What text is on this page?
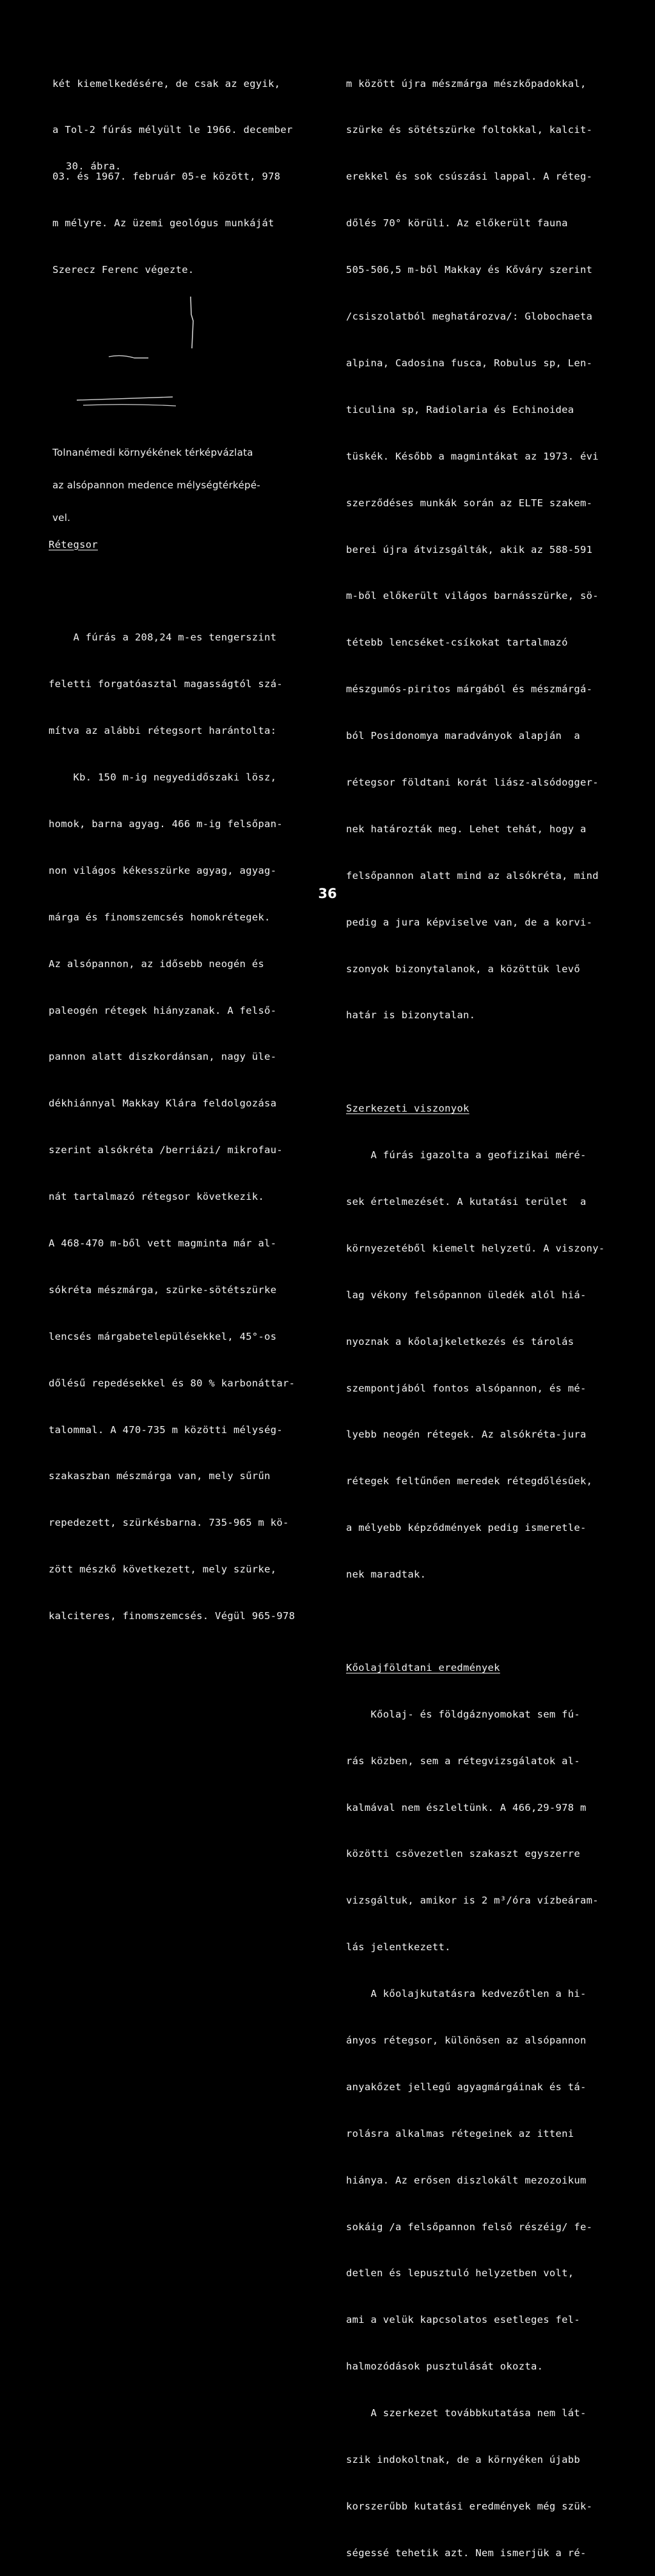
két kiemelkedésére, de csak az egyik,

a Tol-2 fúrás mélyült le 1966. december

03. és 1967. február 05-e között, 978

m mélyre. Az üzemi geológus munkáját

Szerecz Ferenc végezte.

30. ábra.

Tolnanémedi környékének térképvázlata

az alsópannon medence mélységtérképé-

vel.

Rétegsor

A fúrás a 208,24 m-es tengerszint

feletti forgatóasztal magasságtól szá-

mítva az alábbi rétegsort harántolta:

Kb. 150 m-ig negyedidőszaki lösz,

homok, barna agyag. 466 m-ig felsőpan-

non világos kékesszürke agyag, agyag-

márga és finomszemcsés homokrétegek.

Az alsópannon, az idősebb neogén és

paleogén rétegek hiányzanak. A felső-

pannon alatt diszkordánsan, nagy üle-

dékhiánnyal Makkay Klára feldolgozása

szerint alsókréta /berriázi/ mikrofau-

nát tartalmazó rétegsor következik.

A 468-470 m-ből vett magminta már al-

sókréta mészmárga, szürke-sötétszürke

lencsés márgabetelepülésekkel, 45°-os

dőlésű repedésekkel és 80 % karbonáttar-

talommal. A 470-735 m közötti mélység-

szakaszban mészmárga van, mely sűrűn

repedezett, szürkésbarna. 735-965 m kö-

zött mészkő következett, mely szürke,

kalciteres, finomszemcsés. Végül 965-978

m között újra mészmárga mészkőpadokkal,

szürke és sötétszürke foltokkal, kalcit-

erekkel és sok csúszási lappal. A réteg-

dőlés 70° körüli. Az előkerült fauna

505-506,5 m-ből Makkay és Kőváry szerint

/csiszolatból meghatározva/: Globochaeta

alpina, Cadosina fusca, Robulus sp, Len-

ticulina sp, Radiolaria és Echinoidea

tüskék. Később a magmintákat az 1973. évi

szerződéses munkák során az ELTE szakem-

berei újra átvizsgálták, akik az 588-591

m-ből előkerült világos barnásszürke, sö-

tétebb lencséket-csíkokat tartalmazó

mészgumós-piritos márgából és mészmárgá-

ból Posidonomya maradványok alapján  a

rétegsor földtani korát liász-alsódogger-

nek határozták meg. Lehet tehát, hogy a

felsőpannon alatt mind az alsókréta, mind

pedig a jura képviselve van, de a korvi-

szonyok bizonytalanok, a közöttük levő

határ is bizonytalan.

Szerkezeti viszonyok

A fúrás igazolta a geofizikai méré-

sek értelmezését. A kutatási terület  a

környezetéből kiemelt helyzetű. A viszony-

lag vékony felsőpannon üledék alól hiá-

nyoznak a kőolajkeletkezés és tárolás

szempontjából fontos alsópannon, és mé-

lyebb neogén rétegek. Az alsókréta-jura

rétegek feltűnően meredek rétegdőlésűek,

a mélyebb képződmények pedig ismeretle-

nek maradtak.

Kőolajföldtani eredmények

Kőolaj- és földgáznyomokat sem fú-

rás közben, sem a rétegvizsgálatok al-

kalmával nem észleltünk. A 466,29-978 m

közötti csövezetlen szakaszt egyszerre

vizsgáltuk, amikor is 2 m³/óra vízbeáram-

lás jelentkezett.

A kőolajkutatásra kedvezőtlen a hi-

ányos rétegsor, különösen az alsópannon

anyakőzet jellegű agyagmárgáinak és tá-

rolásra alkalmas rétegeinek az itteni

hiánya. Az erősen diszlokált mezozoikum

sokáig /a felsőpannon felső részéig/ fe-

detlen és lepusztuló helyzetben volt,

ami a velük kapcsolatos esetleges fel-

halmozódások pusztulását okozta.

A szerkezet továbbkutatása nem lát-

szik indokoltnak, de a környéken újabb

korszerűbb kutatási eredmények még szük-

ségessé tehetik azt. Nem ismerjük a ré-

36
